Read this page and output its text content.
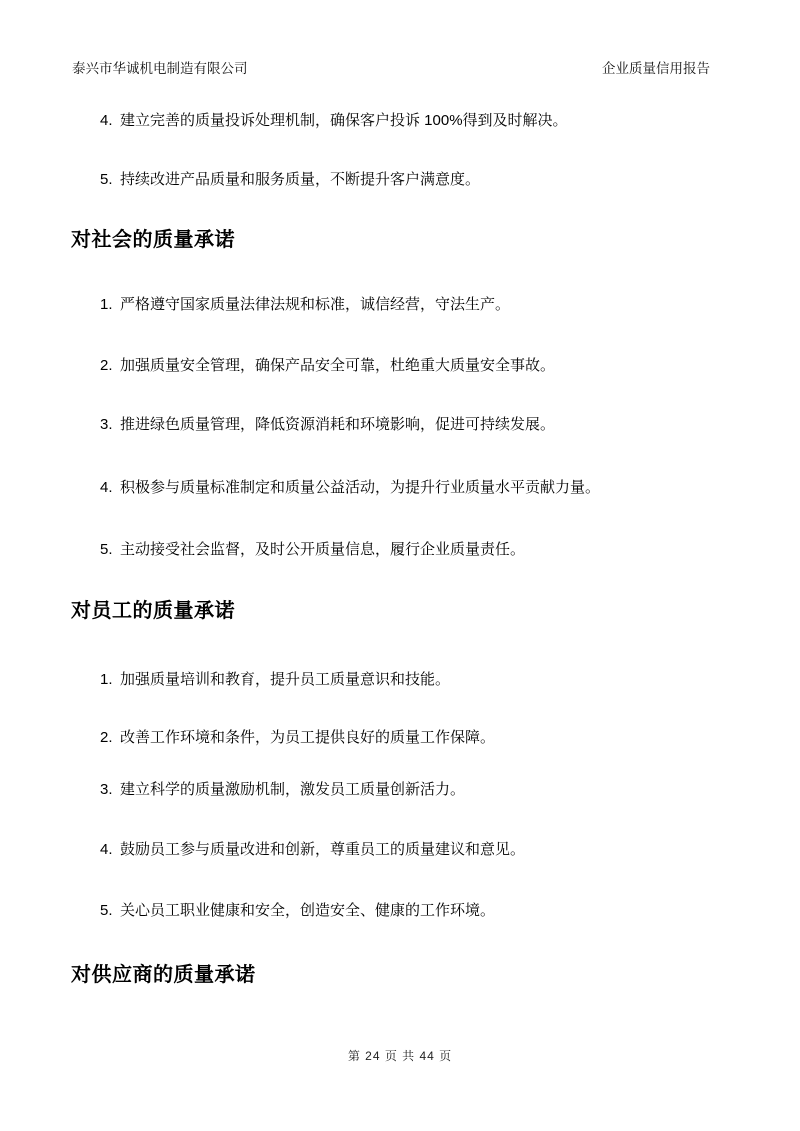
泰兴市华诚机电制造有限公司	企业质量信用报告
4. 建立完善的质量投诉处理机制，确保客户投诉 100%得到及时解决。
5. 持续改进产品质量和服务质量，不断提升客户满意度。
对社会的质量承诺
1. 严格遵守国家质量法律法规和标准，诚信经营，守法生产。
2. 加强质量安全管理，确保产品安全可靠，杜绝重大质量安全事故。
3. 推进绿色质量管理，降低资源消耗和环境影响，促进可持续发展。
4. 积极参与质量标准制定和质量公益活动，为提升行业质量水平贡献力量。
5. 主动接受社会监督，及时公开质量信息，履行企业质量责任。
对员工的质量承诺
1. 加强质量培训和教育，提升员工质量意识和技能。
2. 改善工作环境和条件，为员工提供良好的质量工作保障。
3. 建立科学的质量激励机制，激发员工质量创新活力。
4. 鼓励员工参与质量改进和创新，尊重员工的质量建议和意见。
5. 关心员工职业健康和安全，创造安全、健康的工作环境。
对供应商的质量承诺
第 24 页 共 44 页
